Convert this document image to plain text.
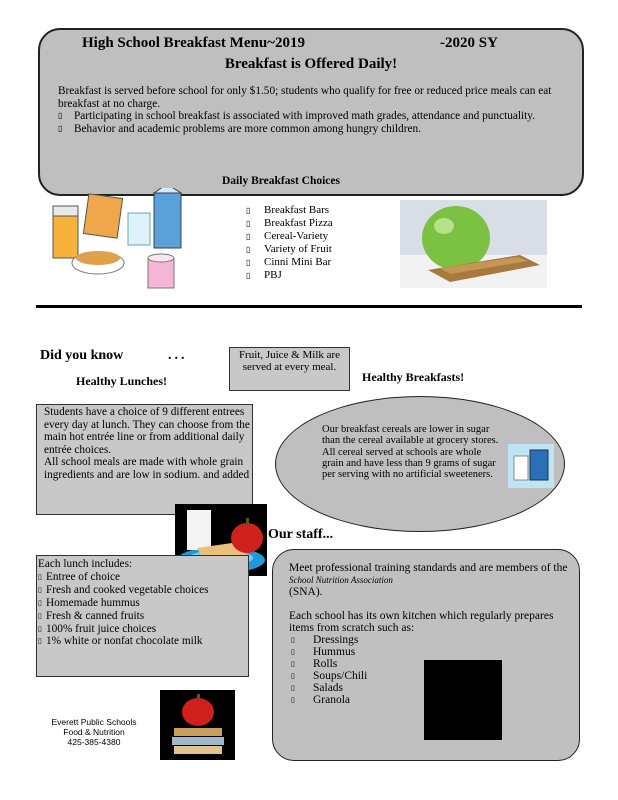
High School Breakfast Menu~2019	-2020 SY
Breakfast is Offered Daily!
Breakfast is served before school for only $1.50; students who qualify for free or reduced price meals can eat breakfast at no charge.
▯ Participating in school breakfast is associated with improved math grades, attendance and punctuality.
▯ Behavior and academic problems are more common among hungry children.
Daily Breakfast Choices
▯ Breakfast Bars
▯ Breakfast Pizza
▯ Cereal-Variety
▯ Variety of Fruit
▯ Cinni Mini Bar
▯ PBJ
Did you know	...	Fruit, Juice & Milk are served at every meal.
Healthy Lunches!	Healthy Breakfasts!
Students have a choice of 9 different entrees every day at lunch. They can choose from the main hot entrée line or from additional daily entrée choices.
All school meals are made with whole grain ingredients and are low in sodium. and added
Our breakfast cereals are lower in sugar than the cereal available at grocery stores. All cereal served at schools are whole grain and have less than 9 grams of sugar per serving with no artificial sweeteners.
Our staff...
Each lunch includes:
▯ Entree of choice
▯ Fresh and cooked vegetable choices
▯ Homemade hummus
▯ Fresh & canned fruits
▯ 100% fruit juice choices
▯ 1% white or nonfat chocolate milk
Meet professional training standards and are members of the School Nutrition Association
(SNA).
Each school has its own kitchen which regularly prepares items from scratch such as:
▯ Dressings
▯ Hummus
▯ Rolls
▯ Soups/Chili
▯ Salads
▯ Granola
Everett Public Schools
Food & Nutrition
425-385-4380
